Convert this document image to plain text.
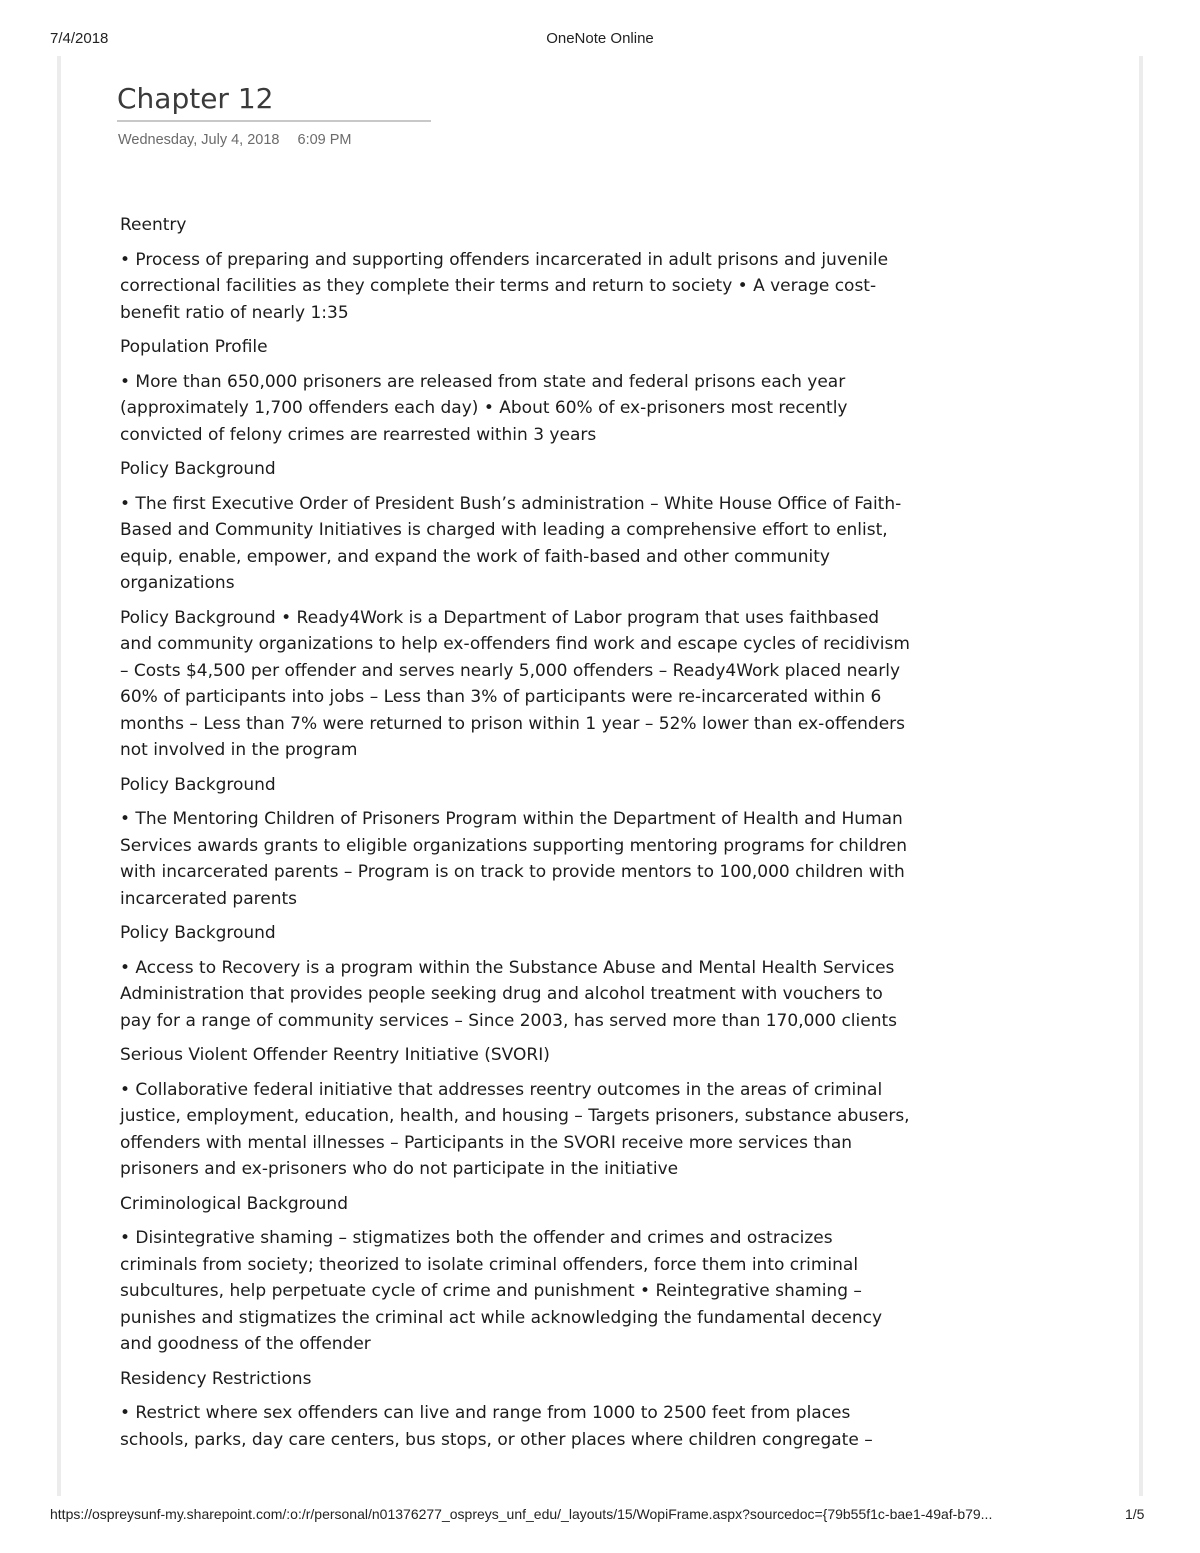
7/4/2018	OneNote Online
Chapter 12
Wednesday, July 4, 2018 6:09 PM
Reentry
• Process of preparing and supporting offenders incarcerated in adult prisons and juvenile correctional facilities as they complete their terms and return to society • A verage cost-benefit ratio of nearly 1:35
Population Profile
• More than 650,000 prisoners are released from state and federal prisons each year (approximately 1,700 offenders each day) • About 60% of ex-prisoners most recently convicted of felony crimes are rearrested within 3 years
Policy Background
• The first Executive Order of President Bush’s administration – White House Office of Faith-Based and Community Initiatives is charged with leading a comprehensive effort to enlist, equip, enable, empower, and expand the work of faith-based and other community organizations
Policy Background • Ready4Work is a Department of Labor program that uses faithbased and community organizations to help ex-offenders find work and escape cycles of recidivism – Costs $4,500 per offender and serves nearly 5,000 offenders – Ready4Work placed nearly 60% of participants into jobs – Less than 3% of participants were re-incarcerated within 6 months – Less than 7% were returned to prison within 1 year – 52% lower than ex-offenders not involved in the program
Policy Background
• The Mentoring Children of Prisoners Program within the Department of Health and Human Services awards grants to eligible organizations supporting mentoring programs for children with incarcerated parents – Program is on track to provide mentors to 100,000 children with incarcerated parents
Policy Background
• Access to Recovery is a program within the Substance Abuse and Mental Health Services Administration that provides people seeking drug and alcohol treatment with vouchers to pay for a range of community services – Since 2003, has served more than 170,000 clients
Serious Violent Offender Reentry Initiative (SVORI)
• Collaborative federal initiative that addresses reentry outcomes in the areas of criminal justice, employment, education, health, and housing – Targets prisoners, substance abusers, offenders with mental illnesses – Participants in the SVORI receive more services than prisoners and ex-prisoners who do not participate in the initiative
Criminological Background
• Disintegrative shaming – stigmatizes both the offender and crimes and ostracizes criminals from society; theorized to isolate criminal offenders, force them into criminal subcultures, help perpetuate cycle of crime and punishment • Reintegrative shaming – punishes and stigmatizes the criminal act while acknowledging the fundamental decency and goodness of the offender
Residency Restrictions
• Restrict where sex offenders can live and range from 1000 to 2500 feet from places schools, parks, day care centers, bus stops, or other places where children congregate –
https://ospreysunf-my.sharepoint.com/:o:/r/personal/n01376277_ospreys_unf_edu/_layouts/15/WopiFrame.aspx?sourcedoc={79b55f1c-bae1-49af-b79...	1/5
